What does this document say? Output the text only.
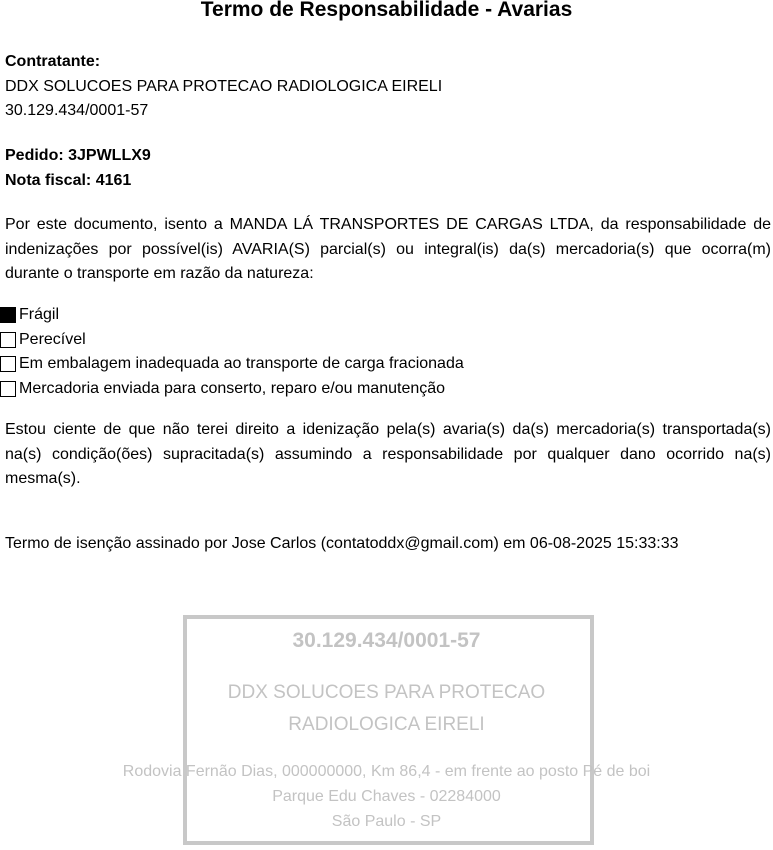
Termo de Responsabilidade - Avarias
Contratante:
DDX SOLUCOES PARA PROTECAO RADIOLOGICA EIRELI
30.129.434/0001-57
Pedido: 3JPWLLX9
Nota fiscal: 4161
Por este documento, isento a MANDA LÁ TRANSPORTES DE CARGAS LTDA, da responsabilidade de indenizações por possível(is) AVARIA(S) parcial(s) ou integral(is) da(s) mercadoria(s) que ocorra(m) durante o transporte em razão da natureza:
Frágil
Perecível
Em embalagem inadequada ao transporte de carga fracionada
Mercadoria enviada para conserto, reparo e/ou manutenção
Estou ciente de que não terei direito a idenização pela(s) avaria(s) da(s) mercadoria(s) transportada(s) na(s) condição(ões) supracitada(s) assumindo a responsabilidade por qualquer dano ocorrido na(s) mesma(s).
Termo de isenção assinado por Jose Carlos (contatoddx@gmail.com) em 06-08-2025 15:33:33
30.129.434/0001-57
DDX SOLUCOES PARA PROTECAO
RADIOLOGICA EIRELI
Rodovia Fernão Dias, 000000000, Km 86,4 - em frente ao posto Pé de boi
Parque Edu Chaves - 02284000
São Paulo - SP
